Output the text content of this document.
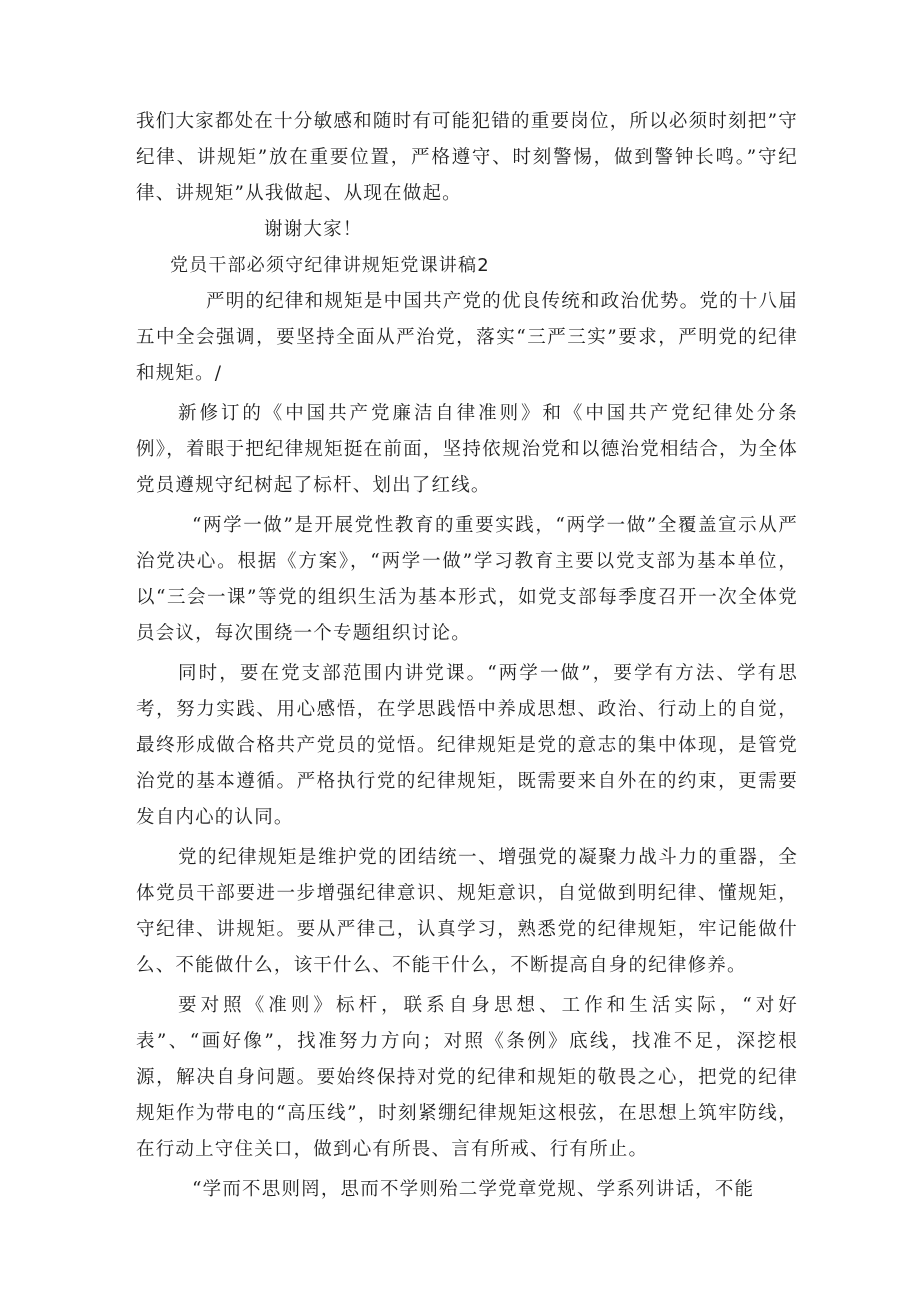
我们大家都处在十分敏感和随时有可能犯错的重要岗位，所以必须时刻把”守纪律、讲规矩”放在重要位置，严格遵守、时刻警惕，做到警钟长鸣。”守纪律、讲规矩”从我做起、从现在做起。

谢谢大家！

党员干部必须守纪律讲规矩党课讲稿2

严明的纪律和规矩是中国共产党的优良传统和政治优势。党的十八届五中全会强调，要坚持全面从严治党，落实“三严三实”要求，严明党的纪律和规矩。/

新修订的《中国共产党廉洁自律准则》和《中国共产党纪律处分条例》，着眼于把纪律规矩挺在前面，坚持依规治党和以德治党相结合，为全体党员遵规守纪树起了标杆、划出了红线。

“两学一做”是开展党性教育的重要实践，“两学一做”全覆盖宣示从严治党决心。根据《方案》，“两学一做”学习教育主要以党支部为基本单位，以“三会一课”等党的组织生活为基本形式，如党支部每季度召开一次全体党员会议，每次围绕一个专题组织讨论。

同时，要在党支部范围内讲党课。“两学一做”，要学有方法、学有思考，努力实践、用心感悟，在学思践悟中养成思想、政治、行动上的自觉，最终形成做合格共产党员的觉悟。纪律规矩是党的意志的集中体现，是管党治党的基本遵循。严格执行党的纪律规矩，既需要来自外在的约束，更需要发自内心的认同。

党的纪律规矩是维护党的团结统一、增强党的凝聚力战斗力的重器，全体党员干部要进一步增强纪律意识、规矩意识，自觉做到明纪律、懂规矩，守纪律、讲规矩。要从严律己，认真学习，熟悉党的纪律规矩，牢记能做什么、不能做什么，该干什么、不能干什么，不断提高自身的纪律修养。

要对照《准则》标杆，联系自身思想、工作和生活实际，“对好表”、“画好像”，找准努力方向；对照《条例》底线，找准不足，深挖根源，解决自身问题。要始终保持对党的纪律和规矩的敬畏之心，把党的纪律规矩作为带电的“高压线”，时刻紧绷纪律规矩这根弦，在思想上筑牢防线，在行动上守住关口，做到心有所畏、言有所戒、行有所止。

“学而不思则罔，思而不学则殆二学党章党规、学系列讲话，不能
